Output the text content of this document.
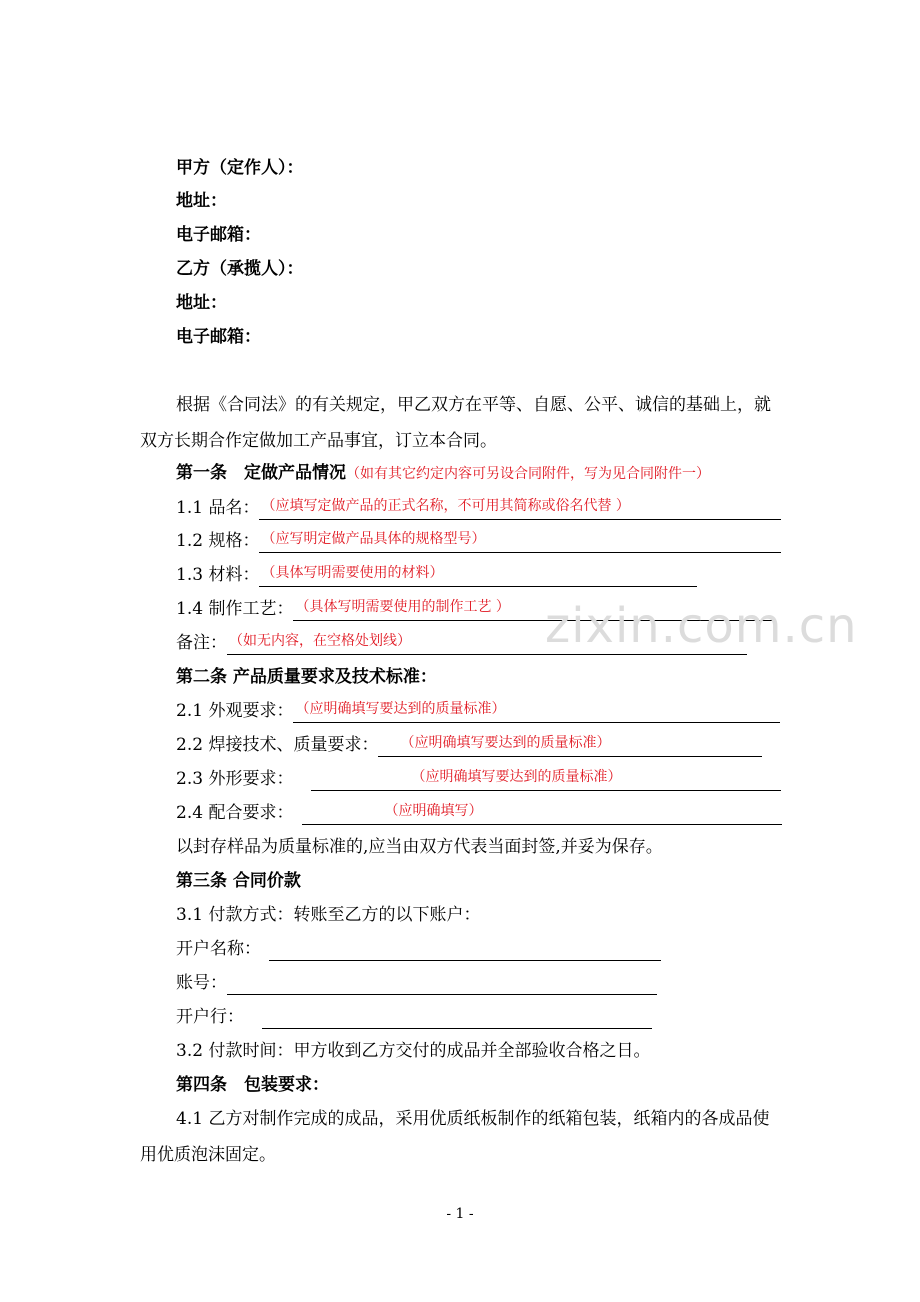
甲方（定作人）：
地址：
电子邮箱：
乙方（承揽人）：
地址：
电子邮箱：
根据《合同法》的有关规定，甲乙双方在平等、自愿、公平、诚信的基础上，就双方长期合作定做加工产品事宜，订立本合同。
第一条　定做产品情况（如有其它约定内容可另设合同附件，写为见合同附件一）
1.1 品名： （应填写定做产品的正式名称，不可用其简称或俗名代替 ）
1.2 规格： （应写明定做产品具体的规格型号）
1.3 材料： （具体写明需要使用的材料）
1.4 制作工艺： （具体写明需要使用的制作工艺 ）
备注： （如无内容，在空格处划线）
第二条 产品质量要求及技术标准：
2.1 外观要求： （应明确填写要达到的质量标准）
2.2 焊接技术、质量要求： （应明确填写要达到的质量标准）
2.3 外形要求：	（应明确填写要达到的质量标准）
2.4 配合要求：	（应明确填写）
以封存样品为质量标准的,应当由双方代表当面封签,并妥为保存。
第三条 合同价款
3.1 付款方式：转账至乙方的以下账户：
开户名称：
账号：
开户行：
3.2 付款时间：甲方收到乙方交付的成品并全部验收合格之日。
第四条　包装要求：
4.1 乙方对制作完成的成品，采用优质纸板制作的纸箱包装，纸箱内的各成品使用优质泡沫固定。
zixin.com.cn
- 1 -
